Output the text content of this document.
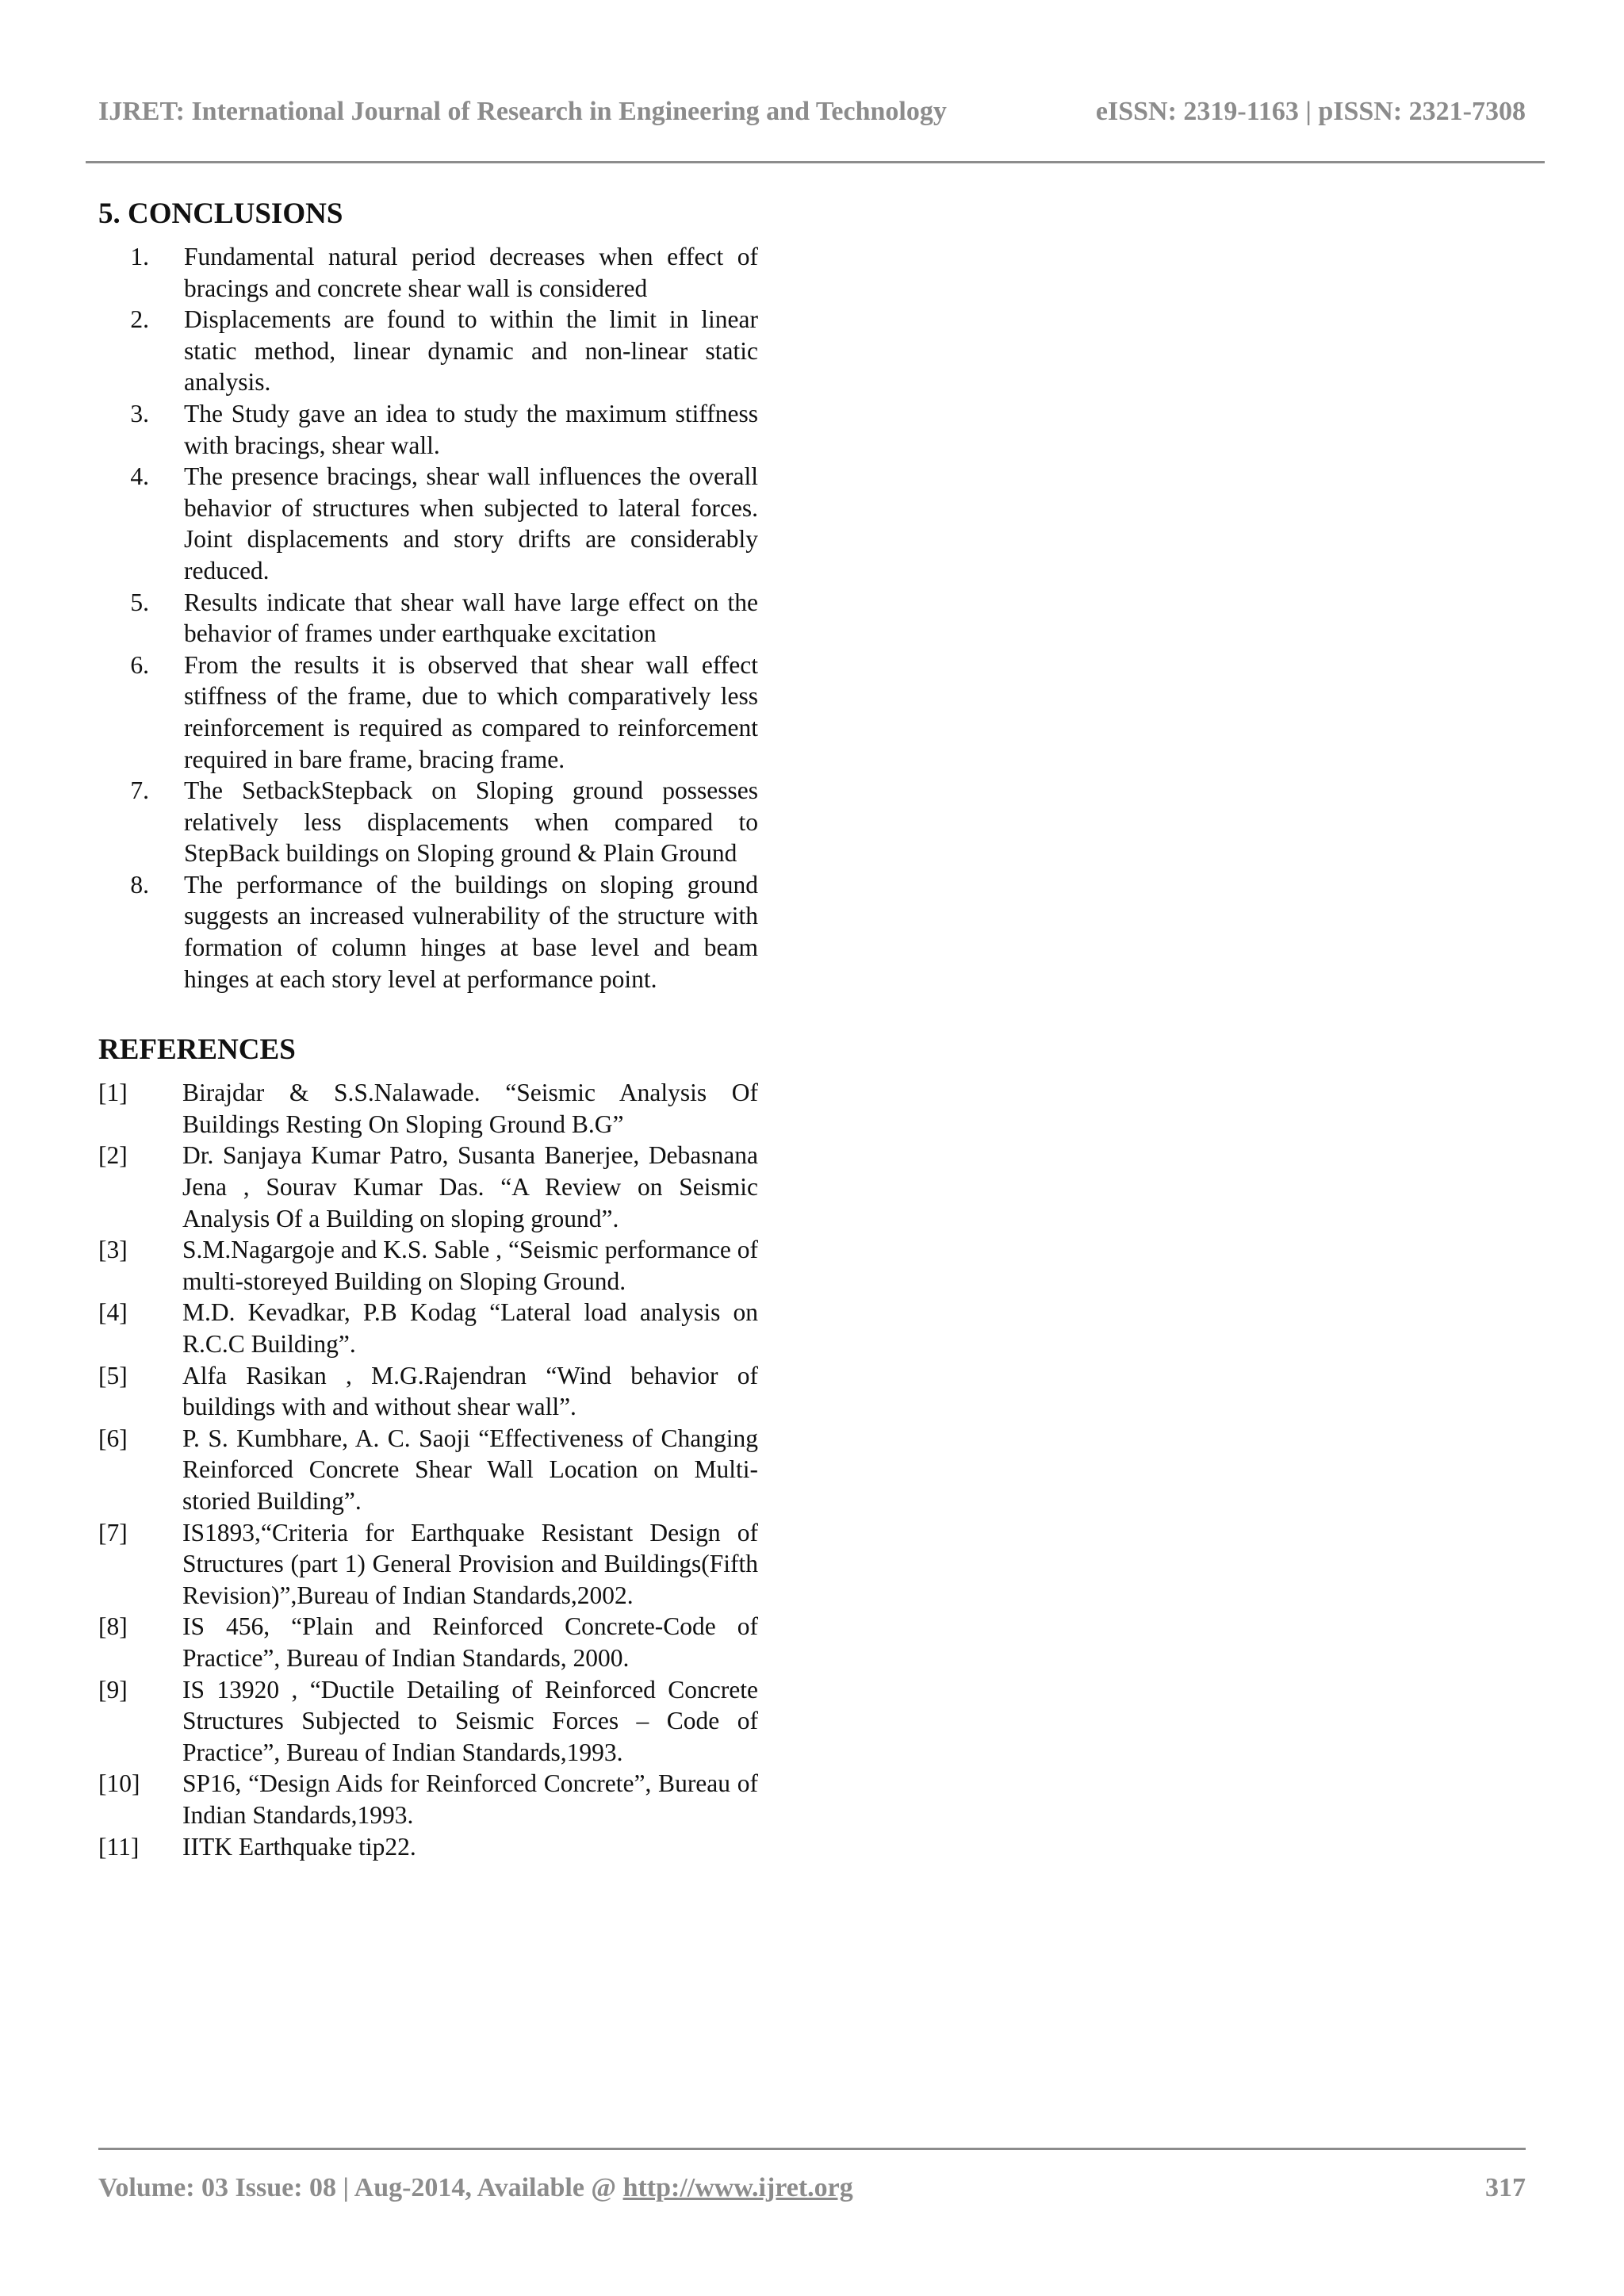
IJRET: International Journal of Research in Engineering and Technology	eISSN: 2319-1163 | pISSN: 2321-7308
5. CONCLUSIONS
1. Fundamental natural period decreases when effect of bracings and concrete shear wall is considered
2. Displacements are found to within the limit in linear static method, linear dynamic and non-linear static analysis.
3. The Study gave an idea to study the maximum stiffness with bracings, shear wall.
4. The presence bracings, shear wall influences the overall behavior of structures when subjected to lateral forces. Joint displacements and story drifts are considerably reduced.
5. Results indicate that shear wall have large effect on the behavior of frames under earthquake excitation
6. From the results it is observed that shear wall effect stiffness of the frame, due to which comparatively less reinforcement is required as compared to reinforcement required in bare frame, bracing frame.
7. The SetbackStepback on Sloping ground possesses relatively less displacements when compared to StepBack buildings on Sloping ground & Plain Ground
8. The performance of the buildings on sloping ground suggests an increased vulnerability of the structure with formation of column hinges at base level and beam hinges at each story level at performance point.
REFERENCES
[1]	Birajdar & S.S.Nalawade. “Seismic Analysis Of Buildings Resting On Sloping Ground B.G”
[2]	Dr. Sanjaya Kumar Patro, Susanta Banerjee, Debasnana Jena , Sourav Kumar Das. “A Review on Seismic Analysis Of a Building on sloping ground”.
[3]	S.M.Nagargoje and K.S. Sable , “Seismic performance of multi-storeyed Building on Sloping Ground.
[4]	M.D. Kevadkar, P.B Kodag “Lateral load analysis on R.C.C Building”.
[5]	Alfa Rasikan , M.G.Rajendran “Wind behavior of buildings with and without shear wall”.
[6]	P. S. Kumbhare, A. C. Saoji “Effectiveness of Changing Reinforced Concrete Shear Wall Location on Multi-storied Building”.
[7]	IS1893,“Criteria for Earthquake Resistant Design of Structures (part 1) General Provision and Buildings(Fifth Revision)”,Bureau of Indian Standards,2002.
[8]	IS 456, “Plain and Reinforced Concrete-Code of Practice”, Bureau of Indian Standards, 2000.
[9]	IS 13920 , “Ductile Detailing of Reinforced Concrete Structures Subjected to Seismic Forces – Code of Practice”, Bureau of Indian Standards,1993.
[10]	SP16, “Design Aids for Reinforced Concrete”, Bureau of Indian Standards,1993.
[11]	IITK Earthquake tip22.
Volume: 03 Issue: 08 | Aug-2014, Available @ http://www.ijret.org	317
